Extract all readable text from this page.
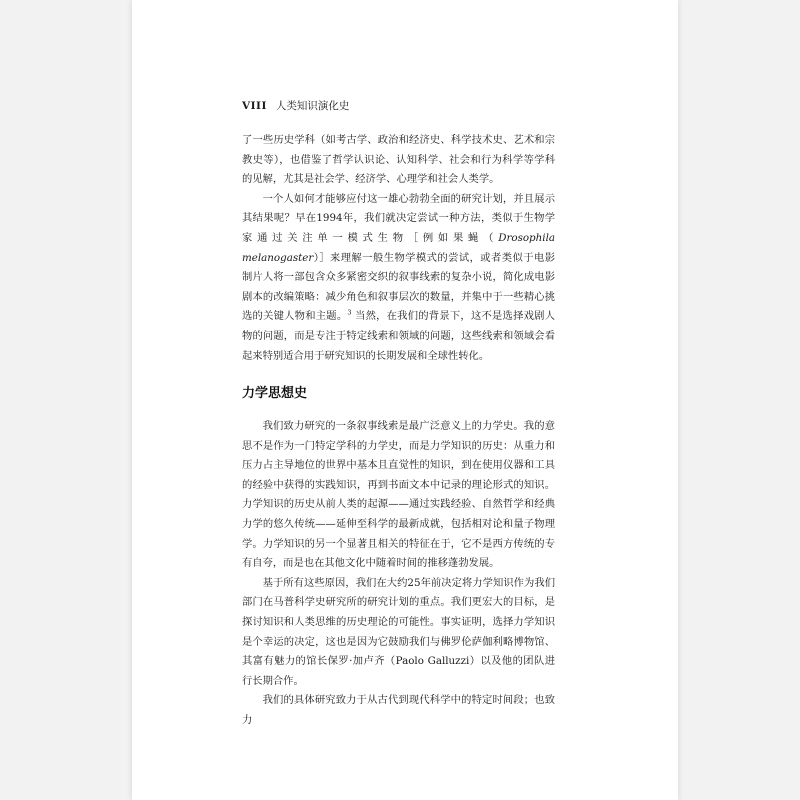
VIII 人类知识演化史

了一些历史学科（如考古学、政治和经济史、科学技术史、艺术和宗教史等），也借鉴了哲学认识论、认知科学、社会和行为科学等学科的见解，尤其是社会学、经济学、心理学和社会人类学。

一个人如何才能够应付这一雄心勃勃全面的研究计划，并且展示其结果呢？早在1994年，我们就决定尝试一种方法，类似于生物学家通过关注单一模式生物［例如果蝇（Drosophila melanogaster）］来理解一般生物学模式的尝试，或者类似于电影制片人将一部包含众多紧密交织的叙事线索的复杂小说，简化成电影剧本的改编策略：减少角色和叙事层次的数量，并集中于一些精心挑选的关键人物和主题。$^3$ 当然，在我们的背景下，这不是选择戏剧人物的问题，而是专注于特定线索和领域的问题，这些线索和领域会看起来特别适合用于研究知识的长期发展和全球性转化。

力学思想史

我们致力研究的一条叙事线索是最广泛意义上的力学史。我的意思不是作为一门特定学科的力学史，而是力学知识的历史：从重力和压力占主导地位的世界中基本且直觉性的知识，到在使用仪器和工具的经验中获得的实践知识，再到书面文本中记录的理论形式的知识。力学知识的历史从前人类的起源——通过实践经验、自然哲学和经典力学的悠久传统——延伸至科学的最新成就，包括相对论和量子物理学。力学知识的另一个显著且相关的特征在于，它不是西方传统的专有自夸，而是也在其他文化中随着时间的推移蓬勃发展。

基于所有这些原因，我们在大约25年前决定将力学知识作为我们部门在马普科学史研究所的研究计划的重点。我们更宏大的目标，是探讨知识和人类思维的历史理论的可能性。事实证明，选择力学知识是个幸运的决定，这也是因为它鼓励我们与佛罗伦萨伽利略博物馆、其富有魅力的馆长保罗·加卢齐（Paolo Galluzzi）以及他的团队进行长期合作。

我们的具体研究致力于从古代到现代科学中的特定时间段；也致力
